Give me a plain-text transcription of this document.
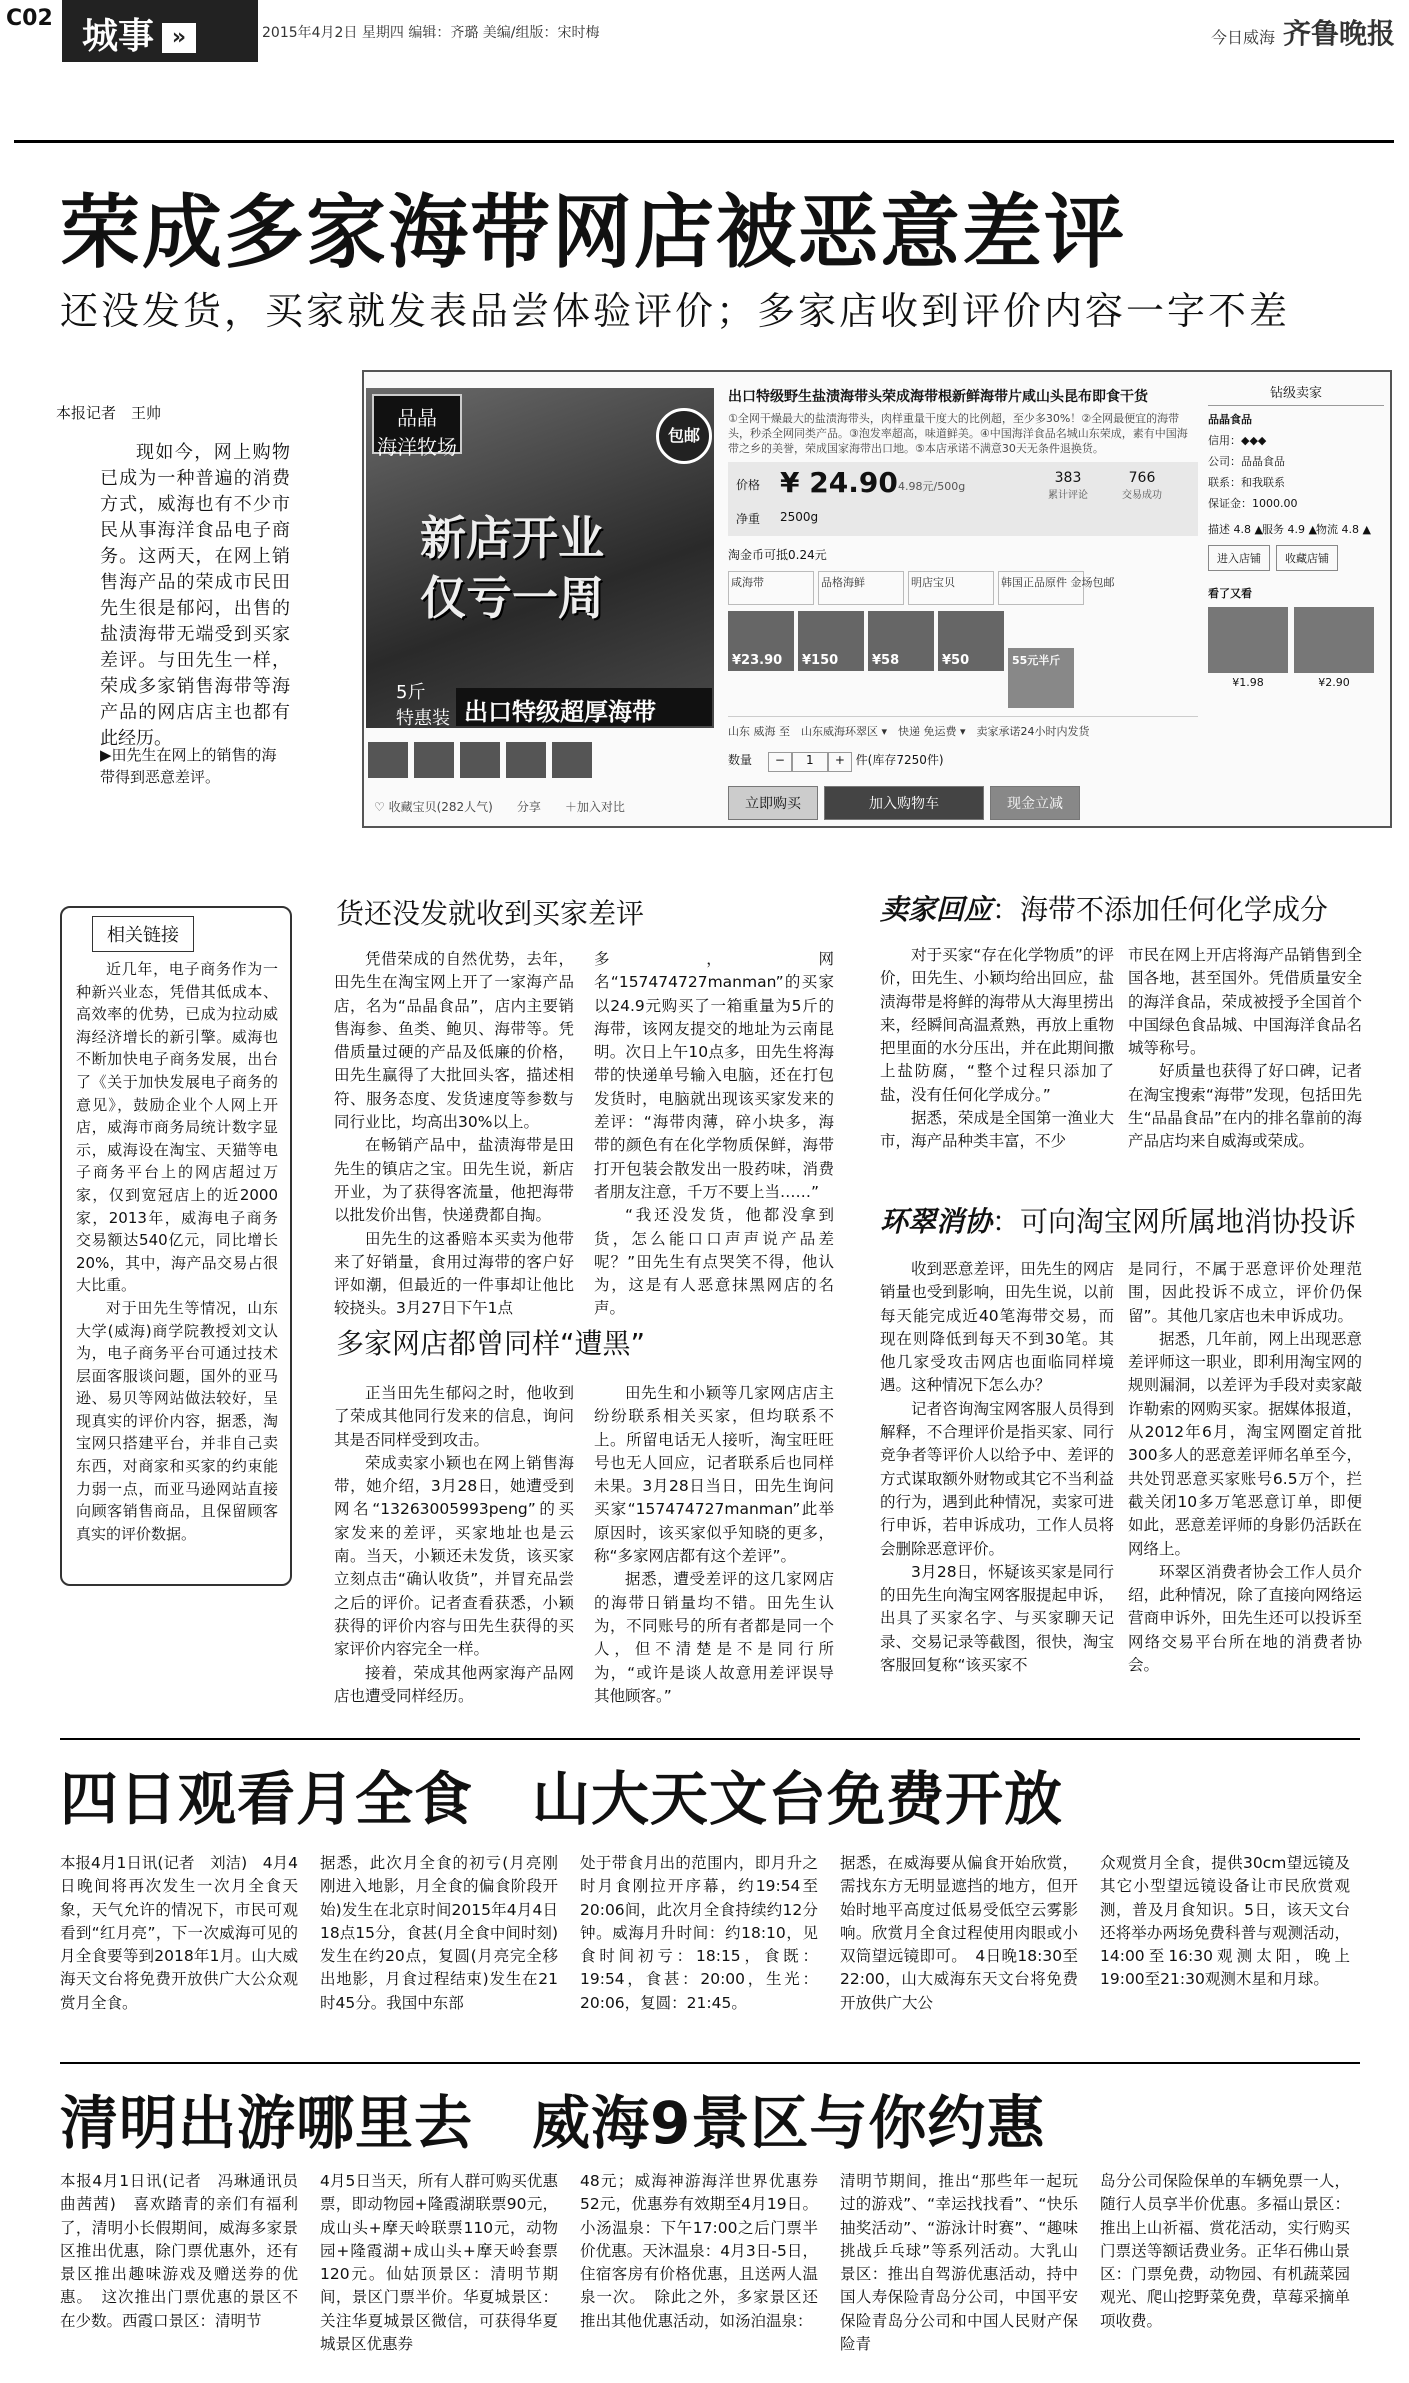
C02 城事 »	2015年4月2日 星期四 编辑：齐璐 美编/组版：宋时梅	今日威海 齐鲁晚报
荣成多家海带网店被恶意差评
还没发货，买家就发表品尝体验评价；多家店收到评价内容一字不差
本报记者　王帅
现如今，网上购物已成为一种普遍的消费方式，威海也有不少市民从事海洋食品电子商务。这两天，在网上销售海产品的荣成市民田先生很是郁闷，出售的盐渍海带无端受到买家差评。与田先生一样，荣成多家销售海带等海产品的网店店主也都有此经历。
▶田先生在网上的销售的海带得到恶意差评。
品晶
海洋牧场	包邮
新店开业
仅亏一周
5斤
特惠装 出口特级超厚海带
♡ 收藏宝贝(282人气)　　分享　　＋加入对比
出口特级野生盐渍海带头荣成海带根新鲜海带片咸山头昆布即食干货
①全网干燥最大的盐渍海带头，肉样重量干度大的比例超，至少多30%！②全网最便宜的海带头，秒杀全网同类产品。③泡发率超高，味道鲜美。④中国海洋食品名城山东荣成，素有中国海带之乡的美誉，荣成国家海带出口地。⑤本店承诺不满意30天无条件退换货。
价格 ¥ 24.90 4.98元/500g
净重 2500g
383
累计评论
766
交易成功
淘金币可抵0.24元
咸海带	品格海鲜	明店宝贝	韩国正品原件 金场包邮
¥23.90 ¥150	¥58	¥50	55元半斤
山东 威海 至　山东威海环翠区 ▾　快递 免运费 ▾　卖家承诺24小时内发货
数量　 − 1 + 件(库存7250件)
立即购买	加入购物车	现金立减
钻级卖家
品晶食品
信用：◆◆◆
公司：品晶食品
联系：和我联系
保证金：1000.00
描述 4.8 ▲服务 4.9 ▲物流 4.8 ▲
进入店铺 收藏店铺
看了又看
¥1.98	¥2.90
相关链接

近几年，电子商务作为一种新兴业态，凭借其低成本、高效率的优势，已成为拉动威海经济增长的新引擎。威海也不断加快电子商务发展，出台了《关于加快发展电子商务的意见》，鼓励企业个人网上开店，威海市商务局统计数字显示，威海设在淘宝、天猫等电子商务平台上的网店超过万家，仅到宽冠店上的近2000家，2013年，威海电子商务交易额达540亿元，同比增长20%，其中，海产品交易占很大比重。

对于田先生等情况，山东大学(威海)商学院教授刘文认为，电子商务平台可通过技术层面客服谈问题，国外的亚马逊、易贝等网站做法较好，呈现真实的评价内容，据悉，淘宝网只搭建平台，并非自己卖东西，对商家和买家的约束能力弱一点，而亚马逊网站直接向顾客销售商品，且保留顾客真实的评价数据。

货还没发就收到买家差评

凭借荣成的自然优势，去年，田先生在淘宝网上开了一家海产品店，名为“品晶食品”，店内主要销售海参、鱼类、鲍贝、海带等。凭借质量过硬的产品及低廉的价格，田先生赢得了大批回头客，描述相符、服务态度、发货速度等参数与同行业比，均高出30%以上。

在畅销产品中，盐渍海带是田先生的镇店之宝。田先生说，新店开业，为了获得客流量，他把海带以批发价出售，快递费都自掏。

田先生的这番赔本买卖为他带来了好销量，食用过海带的客户好评如潮，但最近的一件事却让他比较挠头。3月27日下午1点

多，网名“157474727manman”的买家以24.9元购买了一箱重量为5斤的海带，该网友提交的地址为云南昆明。次日上午10点多，田先生将海带的快递单号输入电脑，还在打包发货时，电脑就出现该买家发来的差评：“海带肉薄，碎小块多，海带的颜色有在化学物质保鲜，海带打开包装会散发出一股药味，消费者朋友注意，千万不要上当……”

“我还没发货，他都没拿到货，怎么能口口声声说产品差呢？”田先生有点哭笑不得，他认为，这是有人恶意抹黑网店的名声。

多家网店都曾同样“遭黑”

正当田先生郁闷之时，他收到了荣成其他同行发来的信息，询问其是否同样受到攻击。

荣成卖家小颖也在网上销售海带，她介绍，3月28日，她遭受到网名“13263005993peng”的买家发来的差评，买家地址也是云南。当天，小颖还未发货，该买家立刻点击“确认收货”，并冒充品尝之后的评价。记者查看获悉，小颖获得的评价内容与田先生获得的买家评价内容完全一样。

接着，荣成其他两家海产品网店也遭受同样经历。

田先生和小颖等几家网店店主纷纷联系相关买家，但均联系不上。所留电话无人接听，淘宝旺旺号也无人回应，记者联系后也同样未果。3月28日当日，田先生询问买家“157474727manman”此举原因时，该买家似乎知晓的更多，称“多家网店都有这个差评”。

据悉，遭受差评的这几家网店的海带日销量均不错。田先生认为，不同账号的所有者都是同一个人，但不清楚是不是同行所为，“或许是谈人故意用差评误导其他顾客。”

卖家回应：海带不添加任何化学成分

对于买家“存在化学物质”的评价，田先生、小颖均给出回应，盐渍海带是将鲜的海带从大海里捞出来，经瞬间高温煮熟，再放上重物把里面的水分压出，并在此期间撒上盐防腐，“整个过程只添加了盐，没有任何化学成分。”

据悉，荣成是全国第一渔业大市，海产品种类丰富，不少

市民在网上开店将海产品销售到全国各地，甚至国外。凭借质量安全的海洋食品，荣成被授予全国首个中国绿色食品城、中国海洋食品名城等称号。

好质量也获得了好口碑，记者在淘宝搜索“海带”发现，包括田先生“品晶食品”在内的排名靠前的海产品店均来自威海或荣成。

环翠消协：可向淘宝网所属地消协投诉

收到恶意差评，田先生的网店销量也受到影响，田先生说，以前每天能完成近40笔海带交易，而现在则降低到每天不到30笔。其他几家受攻击网店也面临同样境遇。这种情况下怎么办？

记者咨询淘宝网客服人员得到解释，不合理评价是指买家、同行竞争者等评价人以给予中、差评的方式谋取额外财物或其它不当利益的行为，遇到此种情况，卖家可进行申诉，若申诉成功，工作人员将会删除恶意评价。

3月28日，怀疑该买家是同行的田先生向淘宝网客服提起申诉，出具了买家名字、与买家聊天记录、交易记录等截图，很快，淘宝客服回复称“该买家不

是同行，不属于恶意评价处理范围，因此投诉不成立，评价仍保留”。其他几家店也未申诉成功。

据悉，几年前，网上出现恶意差评师这一职业，即利用淘宝网的规则漏洞，以差评为手段对卖家敲诈勒索的网购买家。据媒体报道，从2012年6月，淘宝网圈定首批300多人的恶意差评师名单至今，共处罚恶意买家账号6.5万个，拦截关闭10多万笔恶意订单，即便如此，恶意差评师的身影仍活跃在网络上。

环翠区消费者协会工作人员介绍，此种情况，除了直接向网络运营商申诉外，田先生还可以投诉至网络交易平台所在地的消费者协会。

四日观看月全食　山大天文台免费开放
本报4月1日讯(记者　刘洁)　4月4日晚间将再次发生一次月全食天象，天气允许的情况下，市民可观看到“红月亮”，下一次威海可见的月全食要等到2018年1月。山大威海天文台将免费开放供广大公众观赏月全食。
据悉，此次月全食的初亏(月亮刚刚进入地影，月全食的偏食阶段开始)发生在北京时间2015年4月4日18点15分，食甚(月全食中间时刻)发生在约20点，复圆(月亮完全移出地影，月食过程结束)发生在21时45分。我国中东部
处于带食月出的范围内，即月升之时月食刚拉开序幕，约19:54至20:06间，此次月全食持续约12分钟。威海月升时间：约18:10，见食时间初亏：18:15，食既：19:54，食甚：20:00，生光：20:06，复圆：21:45。
据悉，在威海要从偏食开始欣赏，需找东方无明显遮挡的地方，但开始时地平高度过低易受低空云雾影响。欣赏月全食过程使用肉眼或小双筒望远镜即可。　4日晚18:30至22:00，山大威海东天文台将免费开放供广大公
众观赏月全食，提供30cm望远镜及其它小型望远镜设备让市民欣赏观测，普及月食知识。5日，该天文台还将举办两场免费科普与观测活动，14:00至16:30观测太阳，晚上19:00至21:30观测木星和月球。
清明出游哪里去　威海9景区与你约惠
本报4月1日讯(记者　冯琳通讯员　曲茜茜)　喜欢踏青的亲们有福利了，清明小长假期间，威海多家景区推出优惠，除门票优惠外，还有景区推出趣味游戏及赠送券的优惠。　这次推出门票优惠的景区不在少数。西霞口景区：清明节
4月5日当天，所有人群可购买优惠票，即动物园+隆霞湖联票90元，成山头+摩天岭联票110元，动物园+隆霞湖+成山头+摩天岭套票120元。仙姑顶景区：清明节期间，景区门票半价。华夏城景区：关注华夏城景区微信，可获得华夏城景区优惠券
48元；威海神游海洋世界优惠券52元，优惠券有效期至4月19日。小汤温泉：下午17:00之后门票半价优惠。天沐温泉：4月3日-5日，住宿客房有价格优惠，且送两人温泉一次。　除此之外，多家景区还推出其他优惠活动，如汤泊温泉：
清明节期间，推出“那些年一起玩过的游戏”、“幸运找找看”、“快乐抽奖活动”、“游泳计时赛”、“趣味挑战乒乓球”等系列活动。大乳山景区：推出自驾游优惠活动，持中国人寿保险青岛分公司，中国平安保险青岛分公司和中国人民财产保险青
岛分公司保险保单的车辆免票一人，随行人员享半价优惠。多福山景区：推出上山祈福、赏花活动，实行购买门票送等额话费业务。正华石佛山景区：门票免费，动物园、有机蔬菜园观光、爬山挖野菜免费，草莓采摘单项收费。
